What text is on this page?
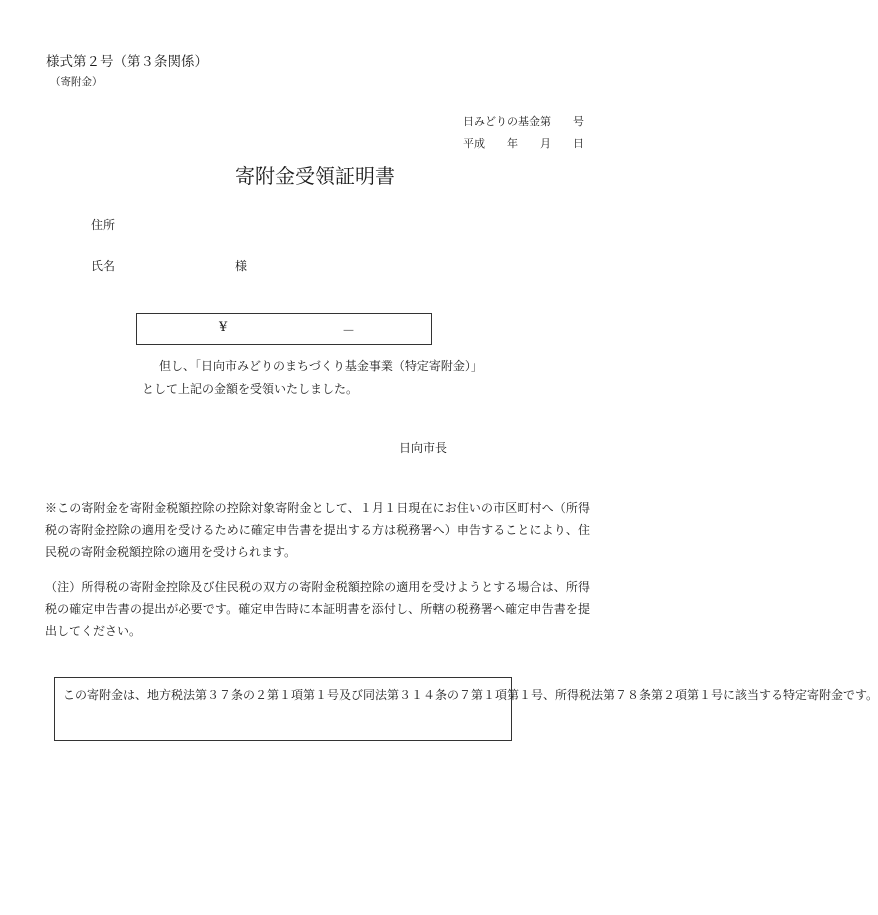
様式第２号（第３条関係）
（寄附金）
日みどりの基金第　　号
平成　　年　　月　　日
寄附金受領証明書
住所
氏名	様
¥	－
但し、「日向市みどりのまちづくり基金事業（特定寄附金）」
として上記の金額を受領いたしました。
日向市長
※この寄附金を寄附金税額控除の控除対象寄附金として、１月１日現在にお住いの市区町村へ（所得税の寄附金控除の適用を受けるために確定申告書を提出する方は税務署へ）申告することにより、住民税の寄附金税額控除の適用を受けられます。
（注）所得税の寄附金控除及び住民税の双方の寄附金税額控除の適用を受けようとする場合は、所得税の確定申告書の提出が必要です。確定申告時に本証明書を添付し、所轄の税務署へ確定申告書を提出してください。
この寄附金は、地方税法第３７条の２第１項第１号及び同法第３１４条の７第１項第１号、所得税法第７８条第２項第１号に該当する特定寄附金です。
